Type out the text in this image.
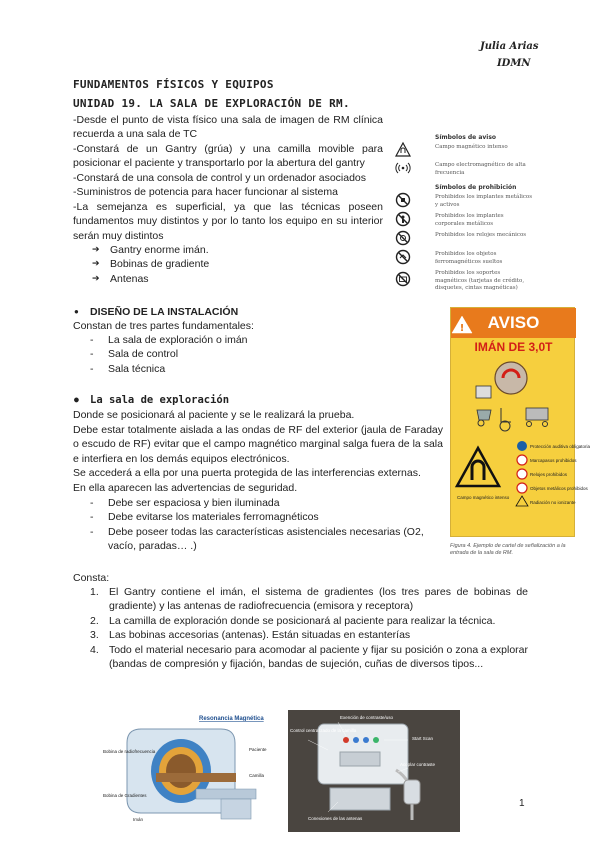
Julia Arias
IDMN
FUNDAMENTOS FÍSICOS Y EQUIPOS
UNIDAD 19. LA SALA DE EXPLORACIÓN DE RM.
-Desde el punto de vista físico una sala de imagen de RM clínica recuerda a una sala de TC
-Constará de un Gantry (grúa) y una camilla movible para posicionar el paciente y transportarlo por la abertura del gantry
-Constará de una consola de control y un ordenador asociados
-Suministros de potencia para hacer funcionar al sistema
-La semejanza es superficial, ya que las técnicas poseen fundamentos muy distintos y por lo tanto los equipo en su interior serán muy distintos
➔ Gantry enorme imán.
➔ Bobinas de gradiente
➔ Antenas
Símbolos de aviso
Campo magnético intenso
Campo electromagnético de alta frecuencia
Símbolos de prohibición
Prohibidos los implantes metálicos y activos
Prohibidos los implantes corporales metálicos
Prohibidos los relojes mecánicos
Prohibidos los objetos ferromagnéticos sueltos
Prohibidos los soportes magnéticos (tarjetas de crédito, disquetes, cintas magnéticas)
● DISEÑO DE LA INSTALACIÓN
Constan de tres partes fundamentales:
- La sala de exploración o imán
- Sala de control
- Sala técnica
● La sala de exploración
Donde se posicionará al paciente y se le realizará la prueba.
Debe estar totalmente aislada a las ondas de RF del exterior (jaula de Faraday o escudo de RF) evitar que el campo magnético marginal salga fuera de la sala e interfiera en los demás equipos electrónicos.
Se accederá a ella por una puerta protegida de las interferencias externas.
En ella aparecen las advertencias de seguridad.
- Debe ser espaciosa y bien iluminada
- Debe evitarse los materiales ferromagnéticos
- Debe poseer todas las características asistenciales necesarias (O2, vacío, paradas… .)
AVISO
IMÁN DE 3,0T
!
Protección auditiva obligatoria
Marcapasos prohibidos
Relojes prohibidos
Objetos metálicos prohibidos
Radiación no ionizante
Campo magnético intenso
Figura 4. Ejemplo de cartel de señalización a la entrada de la sala de RM.
Consta:
1. El Gantry contiene el imán, el sistema de gradientes (los tres pares de bobinas de gradiente) y las antenas de radiofrecuencia (emisora y receptora)
2. La camilla de exploración donde se posicionará al paciente para realizar la técnica.
3. Las bobinas accesorias (antenas). Están situadas en estanterías
4. Todo el material necesario para acomodar al paciente y fijar su posición o zona a explorar (bandas de compresión y fijación, bandas de sujeción, cuñas de diversos tipos...
Resonancia Magnética
Bobina de radiofrecuencia
Bobina de Gradientes
Imán
Paciente
Camilla
Exención de contraste/uso
Control centralizado de la camilla
Start Scan
Acoplar contraste
Conexiones de las antenas
1
